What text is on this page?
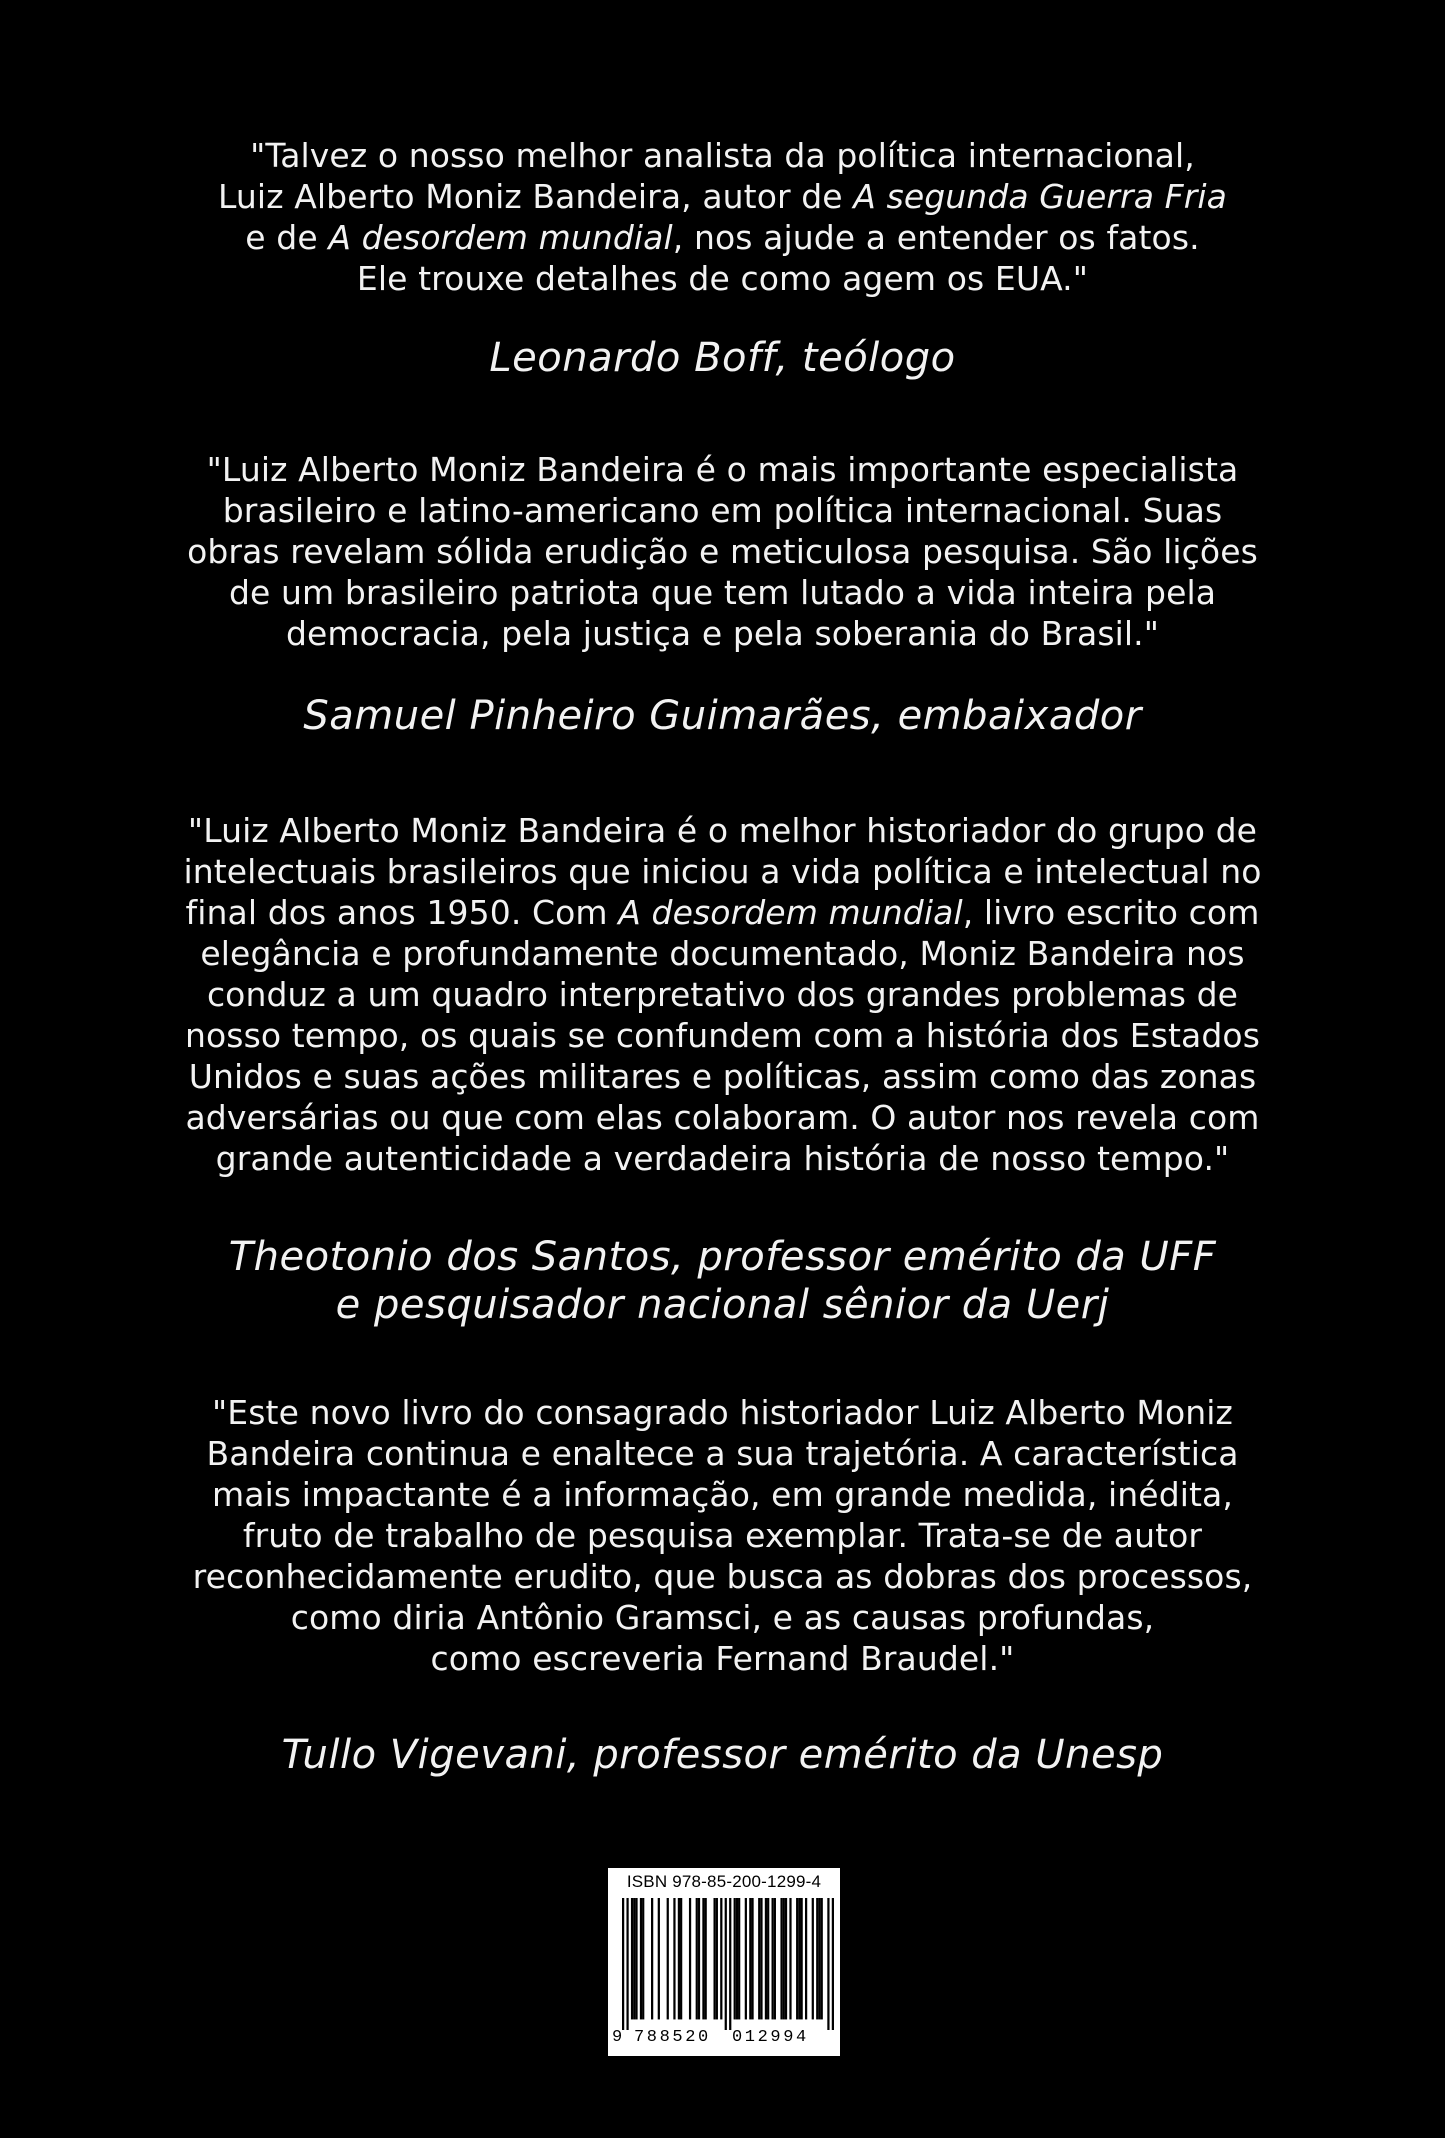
"Talvez o nosso melhor analista da política internacional,
Luiz Alberto Moniz Bandeira, autor de A segunda Guerra Fria
e de A desordem mundial, nos ajude a entender os fatos.
Ele trouxe detalhes de como agem os EUA."
Leonardo Boff, teólogo
"Luiz Alberto Moniz Bandeira é o mais importante especialista
brasileiro e latino-americano em política internacional. Suas
obras revelam sólida erudição e meticulosa pesquisa. São lições
de um brasileiro patriota que tem lutado a vida inteira pela
democracia, pela justiça e pela soberania do Brasil."
Samuel Pinheiro Guimarães, embaixador
"Luiz Alberto Moniz Bandeira é o melhor historiador do grupo de
intelectuais brasileiros que iniciou a vida política e intelectual no
final dos anos 1950. Com A desordem mundial, livro escrito com
elegância e profundamente documentado, Moniz Bandeira nos
conduz a um quadro interpretativo dos grandes problemas de
nosso tempo, os quais se confundem com a história dos Estados
Unidos e suas ações militares e políticas, assim como das zonas
adversárias ou que com elas colaboram. O autor nos revela com
grande autenticidade a verdadeira história de nosso tempo."
Theotonio dos Santos, professor emérito da UFF
e pesquisador nacional sênior da Uerj
"Este novo livro do consagrado historiador Luiz Alberto Moniz
Bandeira continua e enaltece a sua trajetória. A característica
mais impactante é a informação, em grande medida, inédita,
fruto de trabalho de pesquisa exemplar. Trata-se de autor
reconhecidamente erudito, que busca as dobras dos processos,
como diria Antônio Gramsci, e as causas profundas,
como escreveria Fernand Braudel."
Tullo Vigevani, professor emérito da Unesp
ISBN 978-85-200-1299-4
9 788520 012994
